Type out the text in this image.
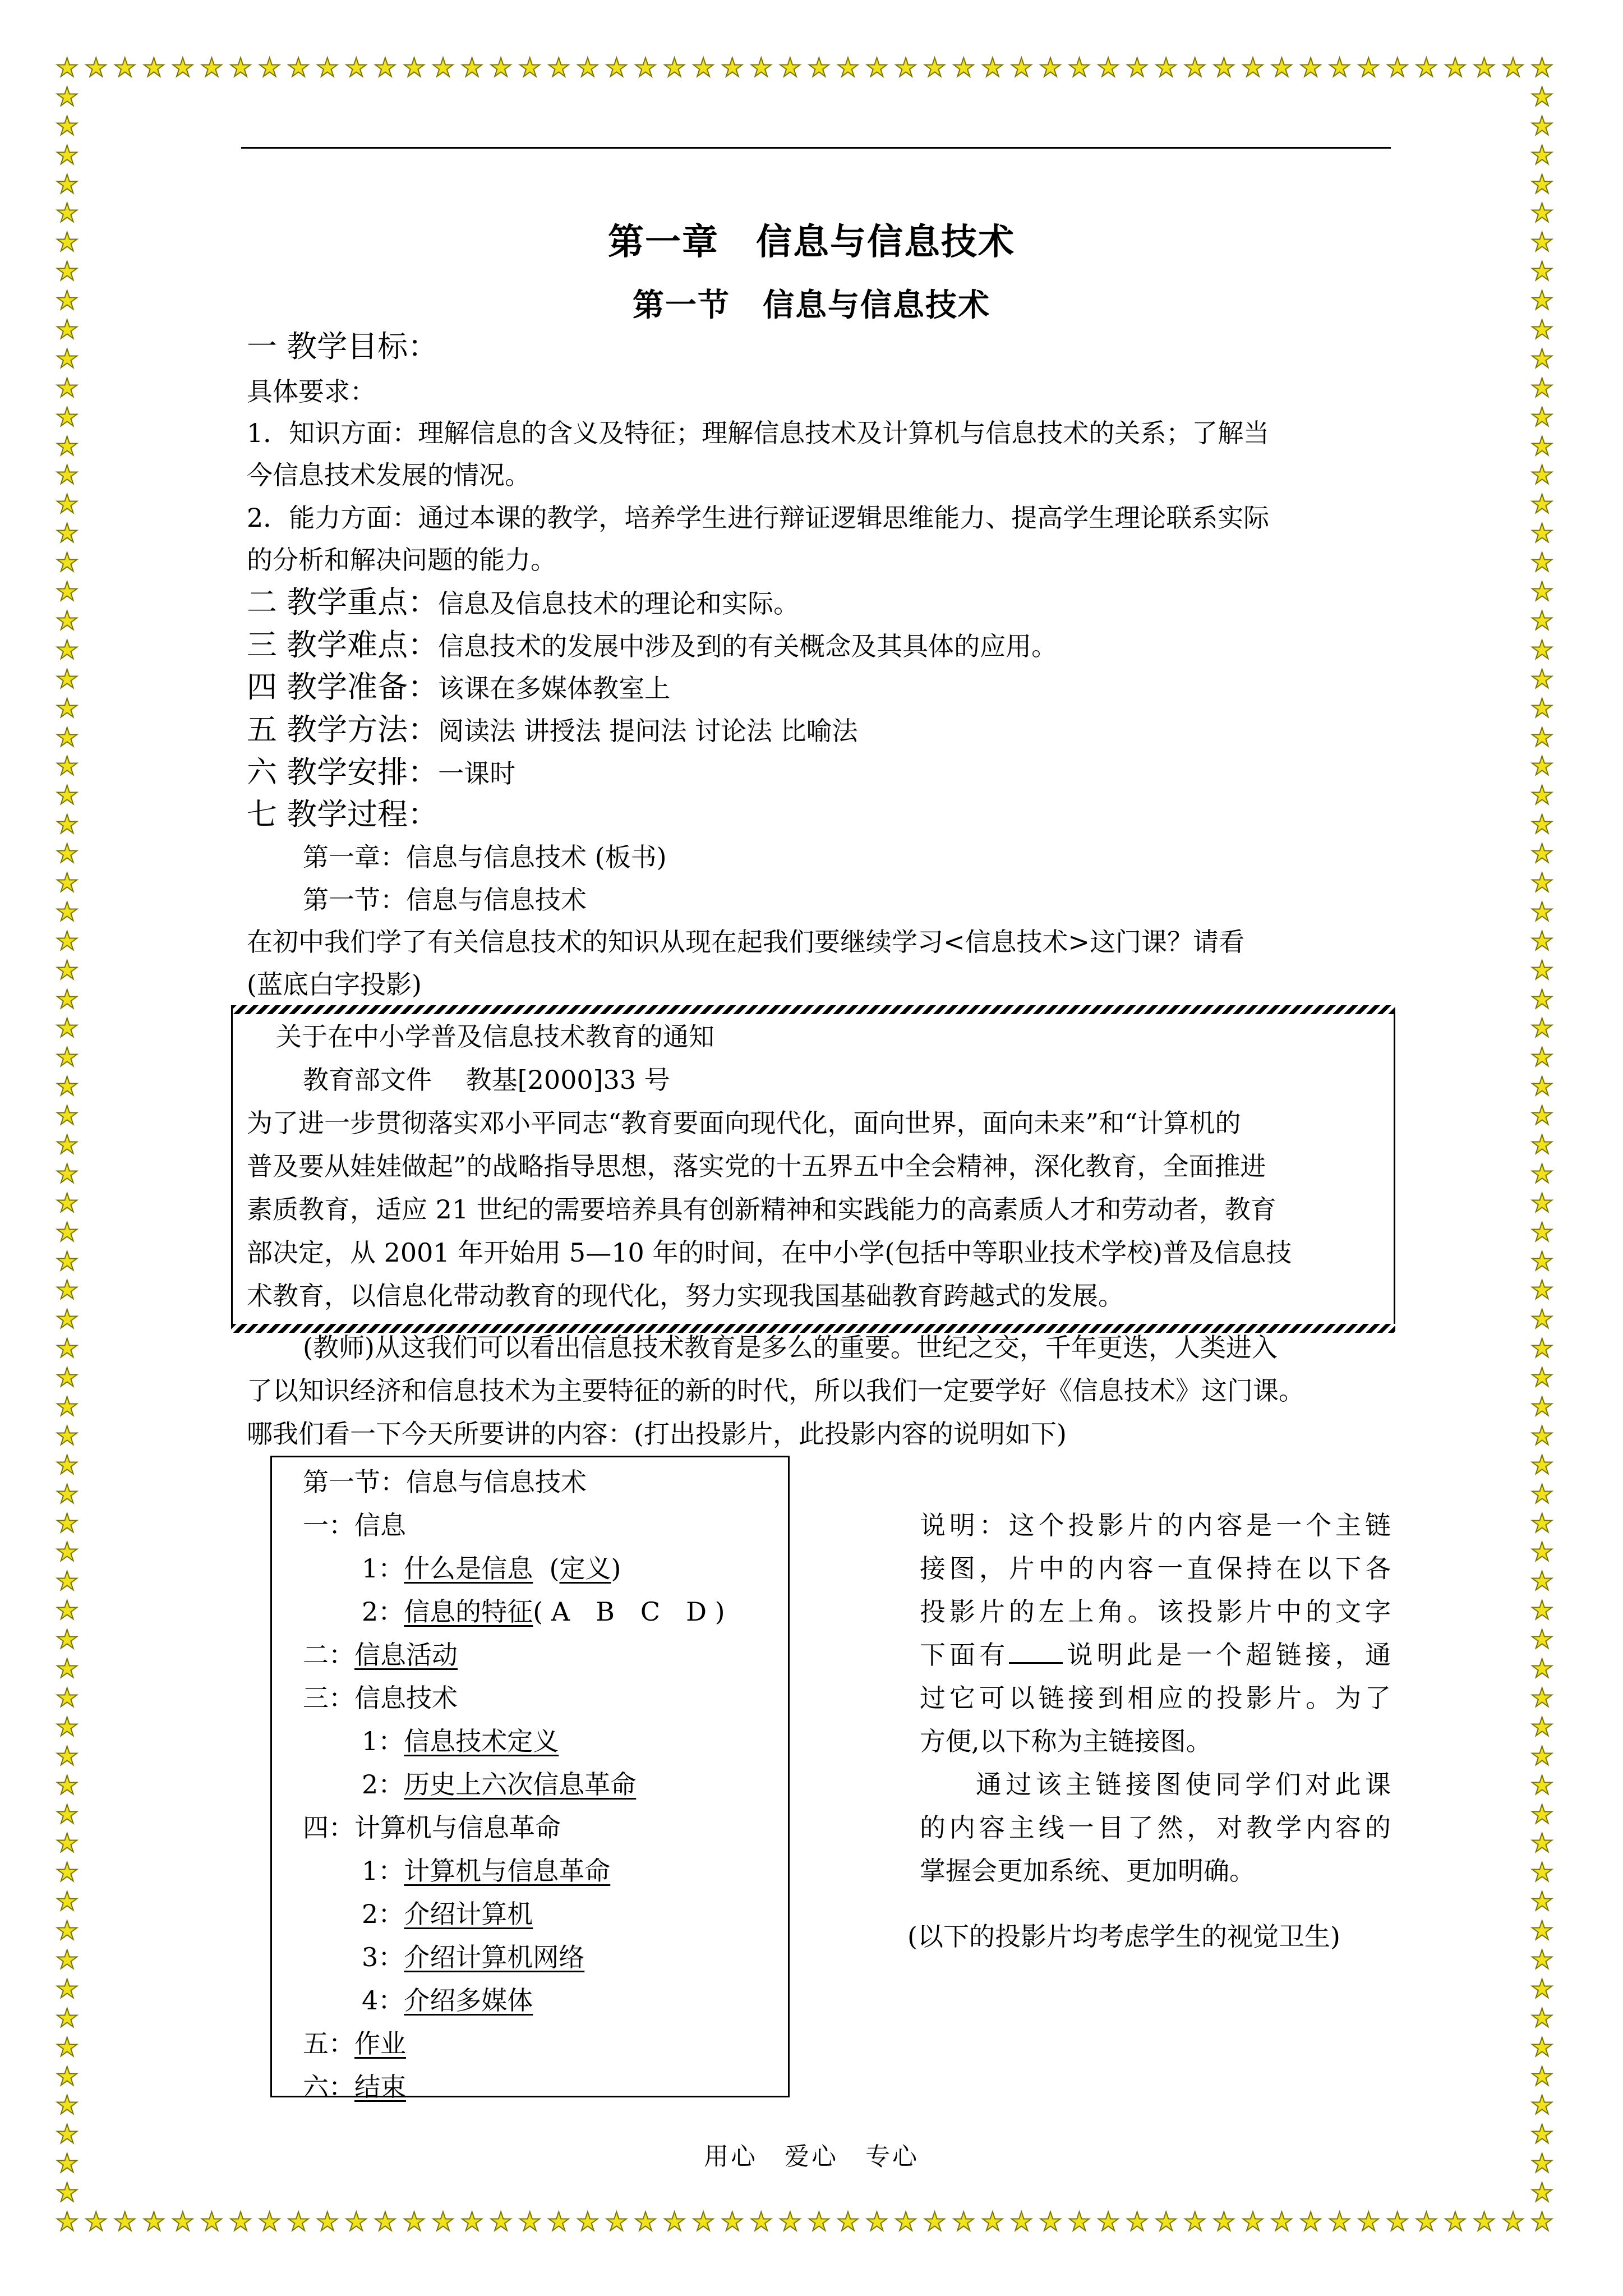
★
★
★
★
★
★
★
★
★
★
★
★
★
★
★
★
★
★
★
★
★
★
★
★
★
★
★
★
★
★
★
★
★
★
★
★
★
★
★
★
★
★
★
★
★
★
★
★
★
★
★
★
★
★
★
★
★
★
★
★
★
★
★
★
★
★
★
★
★
★
★
★
★
★
★
★
★
★
★
★
★
★
★
★
★
★
★
★
★
★
★
★
★
★
★
★
★
★
★
★
★
★
★
★
★	★
★	★
★	★
★	★
★	★
★	★
★	★
★	★
★	★
★	★
★	★
★	★
★	★
★	★
★	★
★	★
★	★
★	★
★	★
★	★
★	★
★	★
★	★
★	★
★	★
★	★
★	★
★	★
★	★
★	★
★	★
★	★
★	★
★	★
★	★
★	★
★	★
★	★
★	★
★	★
★	★
★	★
★	★
★	★
★	★
★	★
★	★
★	★
★	★
★	★
★	★
★	★
★	★
★	★
★	★
★	★
★	★
★	★
★	★
★	★
★	★
★	★
★	★
★	★
★	★
★	★
★	★
★	★
★	★
★	★
★	★
★	★
★	★
第一章　信息与信息技术
第一节　信息与信息技术
一 教学目标：
具体要求：
1．知识方面：理解信息的含义及特征；理解信息技术及计算机与信息技术的关系；了解当
今信息技术发展的情况。
2．能力方面：通过本课的教学，培养学生进行辩证逻辑思维能力、提高学生理论联系实际
的分析和解决问题的能力。
二 教学重点：信息及信息技术的理论和实际。
三 教学难点：信息技术的发展中涉及到的有关概念及其具体的应用。
四 教学准备：该课在多媒体教室上
五 教学方法：阅读法 讲授法 提问法 讨论法 比喻法
六 教学安排：一课时
七 教学过程：
第一章：信息与信息技术 (板书)
第一节：信息与信息技术
在初中我们学了有关信息技术的知识从现在起我们要继续学习<信息技术>这门课？请看
(蓝底白字投影)
关于在中小学普及信息技术教育的通知
教育部文件　 教基[2000]33 号
为了进一步贯彻落实邓小平同志“教育要面向现代化，面向世界，面向未来”和“计算机的
普及要从娃娃做起”的战略指导思想，落实党的十五界五中全会精神，深化教育，全面推进
素质教育，适应 21 世纪的需要培养具有创新精神和实践能力的高素质人才和劳动者，教育
部决定，从 2001 年开始用 5—10 年的时间，在中小学(包括中等职业技术学校)普及信息技
术教育，以信息化带动教育的现代化，努力实现我国基础教育跨越式的发展。
(教师)从这我们可以看出信息技术教育是多么的重要。世纪之交，千年更迭，人类进入
了以知识经济和信息技术为主要特征的新的时代，所以我们一定要学好《信息技术》这门课。
哪我们看一下今天所要讲的内容：(打出投影片，此投影内容的说明如下)
第一节：信息与信息技术
一：信息
1：什么是信息  (定义)
2：信息的特征( A　B　C　D )
二：信息活动
三：信息技术
1：信息技术定义
2：历史上六次信息革命
四：计算机与信息革命
1：计算机与信息革命
2：介绍计算机
3：介绍计算机网络
4：介绍多媒体
五：作业
六：结束

说明：这个投影片的内容是一个主链

接图，片中的内容一直保持在以下各

投影片的左上角。该投影片中的文字

下面有 说明此是一个超链接，通

过它可以链接到相应的投影片。为了

方便,以下称为主链接图。

通过该主链接图使同学们对此课

的内容主线一目了然，对教学内容的

掌握会更加系统、更加明确。

(以下的投影片均考虑学生的视觉卫生)
用心　爱心　专心
